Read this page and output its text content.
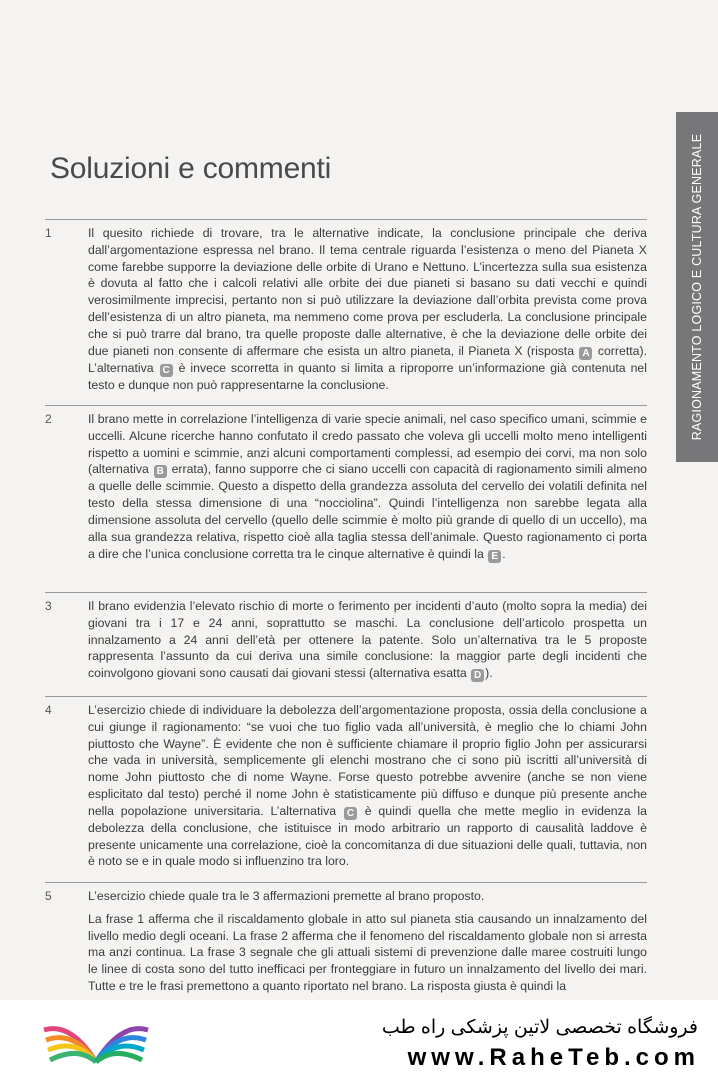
RAGIONAMENTO LOGICO E CULTURA GENERALE
Soluzioni e commenti
1	Il quesito richiede di trovare, tra le alternative indicate, la conclusione principale che deriva dall’argomentazione espressa nel brano. Il tema centrale riguarda l’esistenza o meno del Pianeta X come farebbe supporre la deviazione delle orbite di Urano e Nettuno. L’incertezza sulla sua esistenza è dovuta al fatto che i calcoli relativi alle orbite dei due pianeti si basano su dati vecchi e quindi verosimilmente imprecisi, pertanto non si può utilizzare la deviazione dall’orbita prevista come prova dell’esistenza di un altro pianeta, ma nemmeno come prova per escluderla. La conclusione principale che si può trarre dal brano, tra quelle proposte dalle alternative, è che la deviazione delle orbite dei due pianeti non consente di affermare che esista un altro pianeta, il Pianeta X (risposta A corretta). L’alternativa C è invece scorretta in quanto si limita a riproporre un’informazione già contenuta nel testo e dunque non può rappresentarne la conclusione.

2	Il brano mette in correlazione l’intelligenza di varie specie animali, nel caso specifico umani, scimmie e uccelli. Alcune ricerche hanno confutato il credo passato che voleva gli uccelli molto meno intelligenti rispetto a uomini e scimmie, anzi alcuni comportamenti complessi, ad esempio dei corvi, ma non solo (alternativa B errata), fanno supporre che ci siano uccelli con capacità di ragionamento simili almeno a quelle delle scimmie. Questo a dispetto della grandezza assoluta del cervello dei volatili definita nel testo della stessa dimensione di una “nocciolina”. Quindi l’intelligenza non sarebbe legata alla dimensione assoluta del cervello (quello delle scimmie è molto più grande di quello di un uccello), ma alla sua grandezza relativa, rispetto cioè alla taglia stessa dell’animale. Questo ragionamento ci porta a dire che l’unica conclusione corretta tra le cinque alternative è quindi la E .

3	Il brano evidenzia l’elevato rischio di morte o ferimento per incidenti d’auto (molto sopra la media) dei giovani tra i 17 e 24 anni, soprattutto se maschi. La conclusione dell’articolo prospetta un innalzamento a 24 anni dell’età per ottenere la patente. Solo un’alternativa tra le 5 proposte rappresenta l’assunto da cui deriva una simile conclusione: la maggior parte degli incidenti che coinvolgono giovani sono causati dai giovani stessi (alternativa esatta D ).

4	L’esercizio chiede di individuare la debolezza dell’argomentazione proposta, ossia della conclusione a cui giunge il ragionamento: “se vuoi che tuo figlio vada all’università, è meglio che lo chiami John piuttosto che Wayne”. È evidente che non è sufficiente chiamare il proprio figlio John per assicurarsi che vada in università, semplicemente gli elenchi mostrano che ci sono più iscritti all’università di nome John piuttosto che di nome Wayne. Forse questo potrebbe avvenire (anche se non viene esplicitato dal testo) perché il nome John è statisticamente più diffuso e dunque più presente anche nella popolazione universitaria. L’alternativa C è quindi quella che mette meglio in evidenza la debolezza della conclusione, che istituisce in modo arbitrario un rapporto di causalità laddove è presente unicamente una correlazione, cioè la concomitanza di due situazioni delle quali, tuttavia, non è noto se e in quale modo si influenzino tra loro.

5	L’esercizio chiede quale tra le 3 affermazioni premette al brano proposto.

La frase 1 afferma che il riscaldamento globale in atto sul pianeta stia causando un innalzamento del livello medio degli oceani. La frase 2 afferma che il fenomeno del riscaldamento globale non si arresta ma anzi continua. La frase 3 segnale che gli attuali sistemi di prevenzione dalle maree costruiti lungo le linee di costa sono del tutto inefficaci per fronteggiare in futuro un innalzamento del livello dei mari. Tutte e tre le frasi premettono a quanto riportato nel brano. La risposta giusta è quindi la

فروشگاه تخصصی لاتین پزشکی راه طب
www.RaheTeb.com
